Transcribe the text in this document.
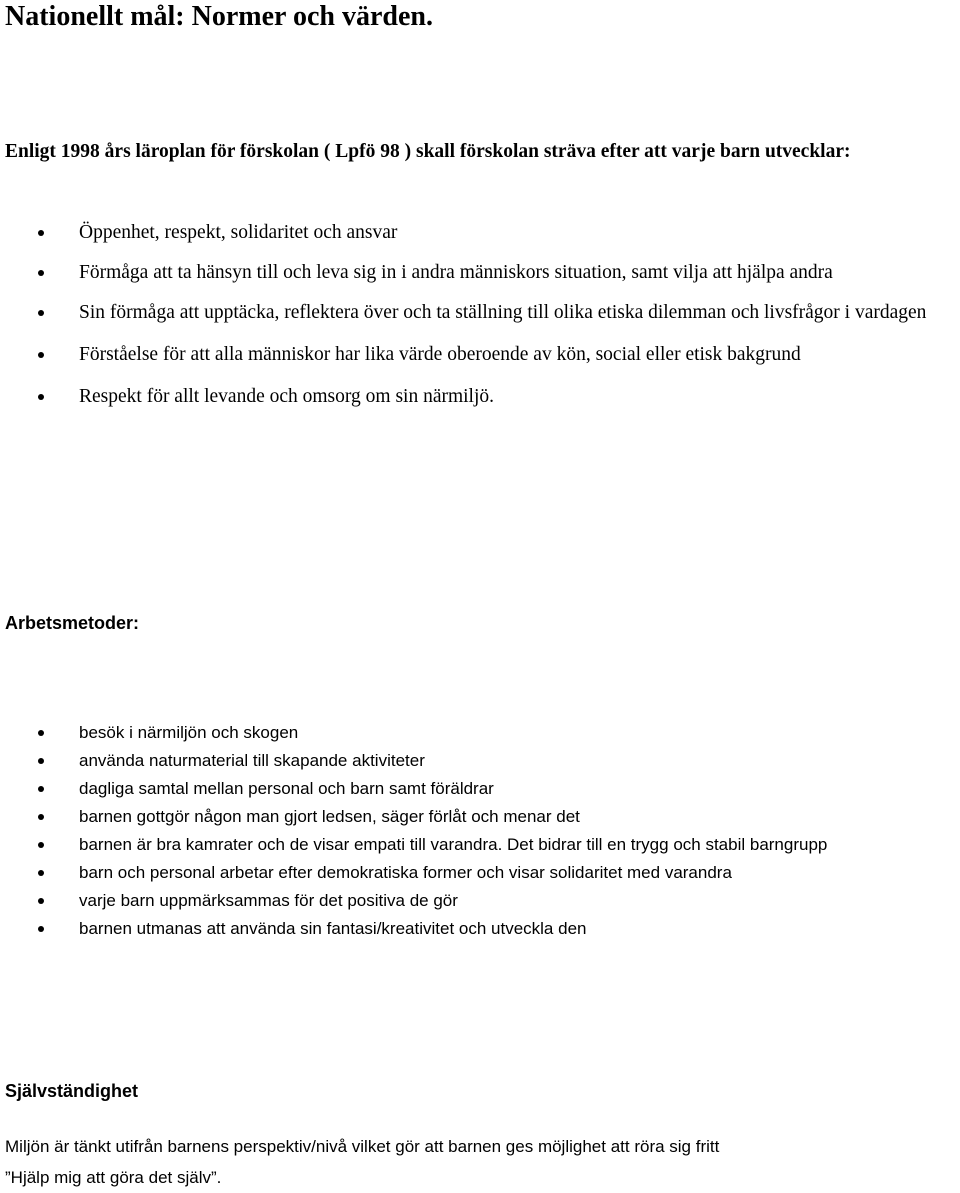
Nationellt mål: Normer och värden.

Enligt 1998 års läroplan för förskolan ( Lpfö 98 ) skall förskolan sträva efter att varje barn utvecklar:

Öppenhet, respekt, solidaritet och ansvar
Förmåga att ta hänsyn till och leva sig in i andra människors situation, samt vilja att hjälpa andra
Sin förmåga att upptäcka, reflektera över och ta ställning till olika etiska dilemman och livsfrågor i vardagen
Förståelse för att alla människor har lika värde oberoende av kön, social eller etisk bakgrund
Respekt för allt levande och omsorg om sin närmiljö.
Arbetsmetoder:
besök i närmiljön och skogen
använda naturmaterial till skapande aktiviteter
dagliga samtal mellan personal och barn samt föräldrar
barnen gottgör någon man gjort ledsen, säger förlåt och menar det
barnen är bra kamrater och de visar empati till varandra. Det bidrar till en trygg och stabil barngrupp
barn och personal arbetar efter demokratiska former och visar solidaritet med varandra
varje barn uppmärksammas för det positiva de gör
barnen utmanas att använda sin fantasi/kreativitet och utveckla den
Självständighet

Miljön är tänkt utifrån barnens perspektiv/nivå vilket gör att barnen ges möjlighet att röra sig fritt
”Hjälp mig att göra det själv”.
